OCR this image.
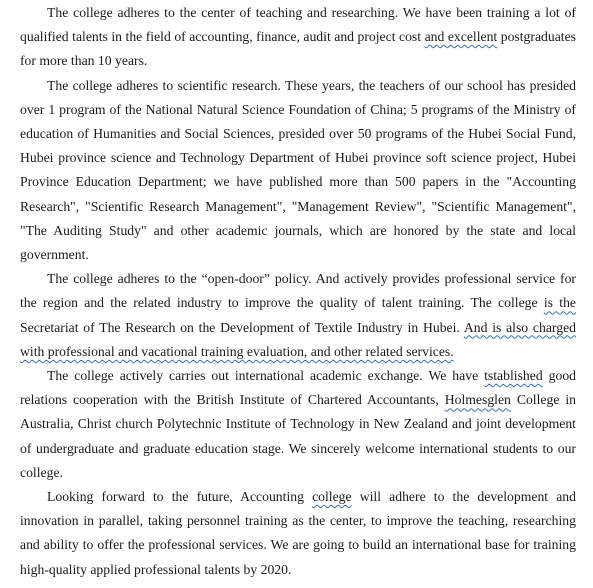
The college adheres to the center of teaching and researching. We have been training a lot of qualified talents in the field of accounting, finance, audit and project cost and excellent postgraduates for more than 10 years.

The college adheres to scientific research. These years, the teachers of our school has presided over 1 program of the National Natural Science Foundation of China; 5 programs of the Ministry of education of Humanities and Social Sciences, presided over 50 programs of the Hubei Social Fund, Hubei province science and Technology Department of Hubei province soft science project, Hubei Province Education Department; we have published more than 500 papers in the "Accounting Research", "Scientific Research Management", "Management Review", "Scientific Management", "The Auditing Study" and other academic journals, which are honored by the state and local government.

The college adheres to the “open-door” policy. And actively provides professional service for the region and the related industry to improve the quality of talent training. The college is the Secretariat of The Research on the Development of Textile Industry in Hubei. And is also charged with professional and vacational training evaluation, and other related services.

The college actively carries out international academic exchange. We have tstablished good relations cooperation with the British Institute of Chartered Accountants, Holmesglen College in Australia, Christ church Polytechnic Institute of Technology in New Zealand and joint development of undergraduate and graduate education stage. We sincerely welcome international students to our college.

Looking forward to the future, Accounting college will adhere to the development and innovation in parallel, taking personnel training as the center, to improve the teaching, researching and ability to offer the professional services. We are going to build an international base for training high-quality applied professional talents by 2020.
